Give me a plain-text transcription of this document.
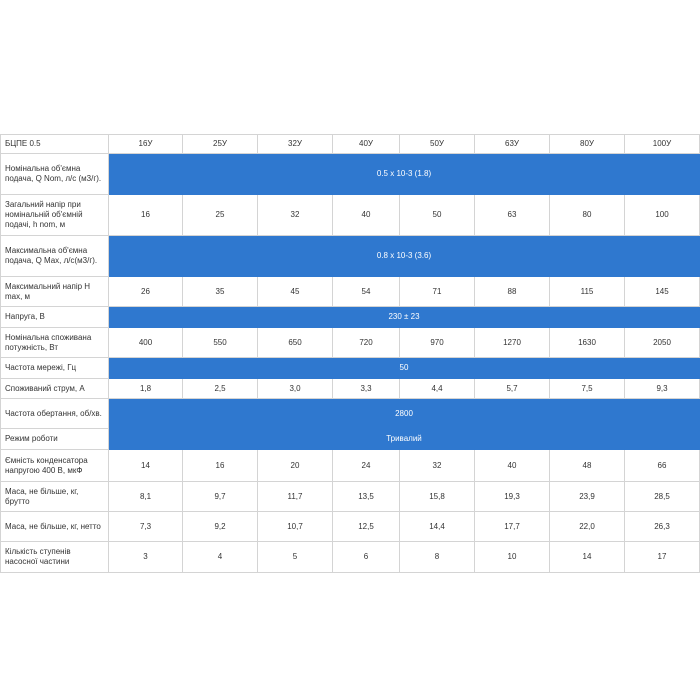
БЦПЕ 0.5	16У	25У	32У	40У	50У	63У	80У	100У
Номінальна об'ємна подача, Q Nom, л/с (м3/г).	0.5 x 10-3 (1.8)							
Загальний напір при номінальній об'ємній подачі, h nom, м	16	25	32	40	50	63	80	100
Максимальна об'ємна подача, Q Max, л/с(м3/г).	0.8 x 10-3 (3.6)							
Максимальний напір H max, м	26	35	45	54	71	88	115	145
Напруга, В	230 ± 23							
Номінальна споживана потужність, Вт	400	550	650	720	970	1270	1630	2050
Частота мережі, Гц	50							
Споживаний струм, А	1,8	2,5	3,0	3,3	4,4	5,7	7,5	9,3
Частота обертання, об/хв.	2800							
Режим роботи	Тривалий							
Ємність конденсатора напругою 400 В, мкФ	14	16	20	24	32	40	48	66
Маса, не більше, кг, брутто	8,1	9,7	11,7	13,5	15,8	19,3	23,9	28,5
Маса, не більше, кг, нетто	7,3	9,2	10,7	12,5	14,4	17,7	22,0	26,3
Кількість ступенів насосної частини	3	4	5	6	8	10	14	17
